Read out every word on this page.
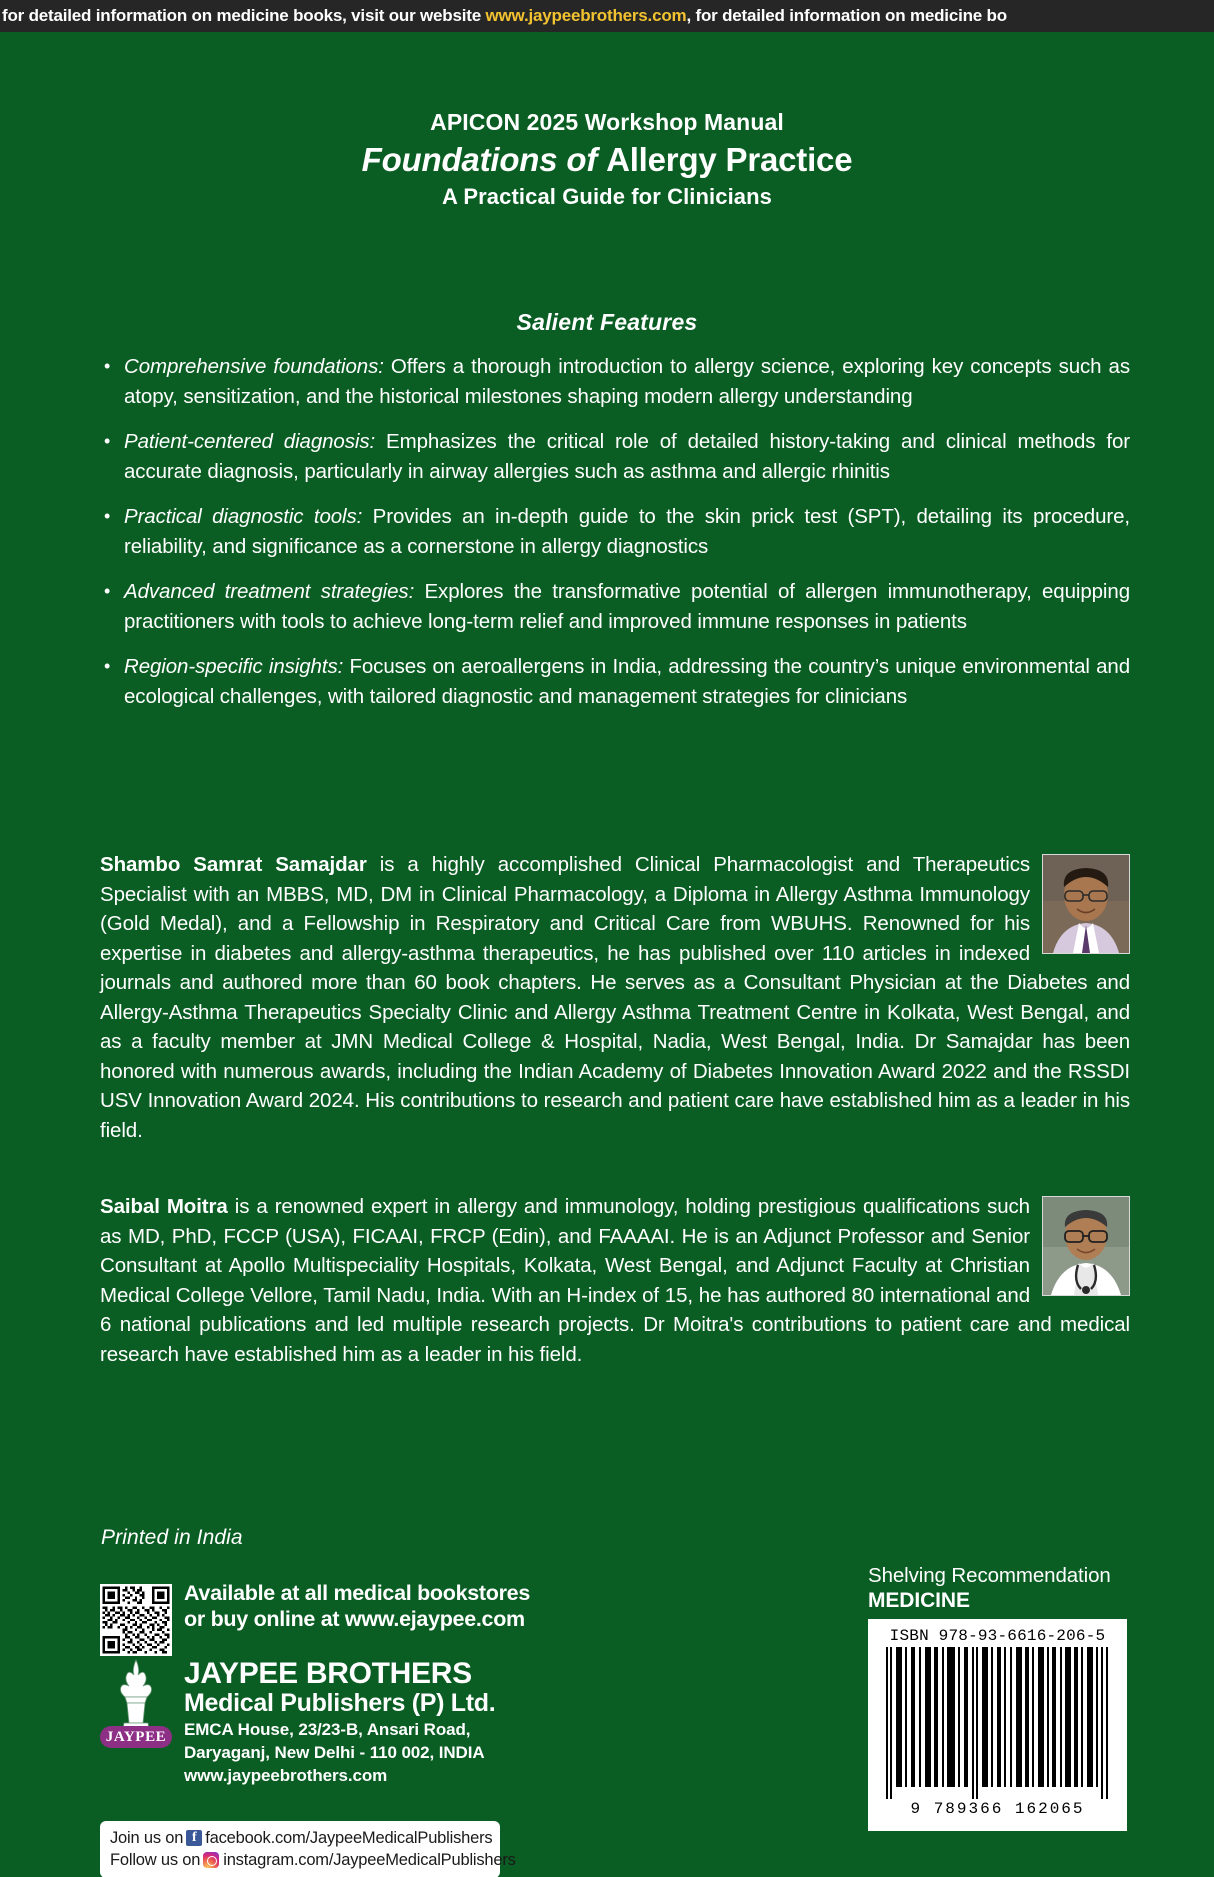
for detailed information on medicine books, visit our website www.jaypeebrothers.com, for detailed information on medicine bo
APICON 2025 Workshop Manual
Foundations of Allergy Practice
A Practical Guide for Clinicians
Salient Features
• Comprehensive foundations: Offers a thorough introduction to allergy science, exploring key concepts such as atopy, sensitization, and the historical milestones shaping modern allergy understanding
• Patient-centered diagnosis: Emphasizes the critical role of detailed history-taking and clinical methods for accurate diagnosis, particularly in airway allergies such as asthma and allergic rhinitis
• Practical diagnostic tools: Provides an in-depth guide to the skin prick test (SPT), detailing its procedure, reliability, and significance as a cornerstone in allergy diagnostics
• Advanced treatment strategies: Explores the transformative potential of allergen immunotherapy, equipping practitioners with tools to achieve long-term relief and improved immune responses in patients
• Region-specific insights: Focuses on aeroallergens in India, addressing the country’s unique environmental and ecological challenges, with tailored diagnostic and management strategies for clinicians
Shambo Samrat Samajdar is a highly accomplished Clinical Pharmacologist and Therapeutics Specialist with an MBBS, MD, DM in Clinical Pharmacology, a Diploma in Allergy Asthma Immunology (Gold Medal), and a Fellowship in Respiratory and Critical Care from WBUHS. Renowned for his expertise in diabetes and allergy-asthma therapeutics, he has published over 110 articles in indexed journals and authored more than 60 book chapters. He serves as a Consultant Physician at the Diabetes and Allergy-Asthma Therapeutics Specialty Clinic and Allergy Asthma Treatment Centre in Kolkata, West Bengal, and as a faculty member at JMN Medical College & Hospital, Nadia, West Bengal, India. Dr Samajdar has been honored with numerous awards, including the Indian Academy of Diabetes Innovation Award 2022 and the RSSDI USV Innovation Award 2024. His contributions to research and patient care have established him as a leader in his field.
Saibal Moitra is a renowned expert in allergy and immunology, holding prestigious qualifications such as MD, PhD, FCCP (USA), FICAAI, FRCP (Edin), and FAAAAI. He is an Adjunct Professor and Senior Consultant at Apollo Multispeciality Hospitals, Kolkata, West Bengal, and Adjunct Faculty at Christian Medical College Vellore, Tamil Nadu, India. With an H-index of 15, he has authored 80 international and 6 national publications and led multiple research projects. Dr Moitra's contributions to patient care and medical research have established him as a leader in his field.
Printed in India
Available at all medical bookstores
or buy online at www.ejaypee.com
JAYPEE
JAYPEE BROTHERS
Medical Publishers (P) Ltd.
EMCA House, 23/23-B, Ansari Road,
Daryaganj, New Delhi - 110 002, INDIA
www.jaypeebrothers.com
Join us on f facebook.com/JaypeeMedicalPublishers
Follow us on instagram.com/JaypeeMedicalPublishers
Shelving Recommendation
MEDICINE
ISBN 978-93-6616-206-5
9 789366 162065
